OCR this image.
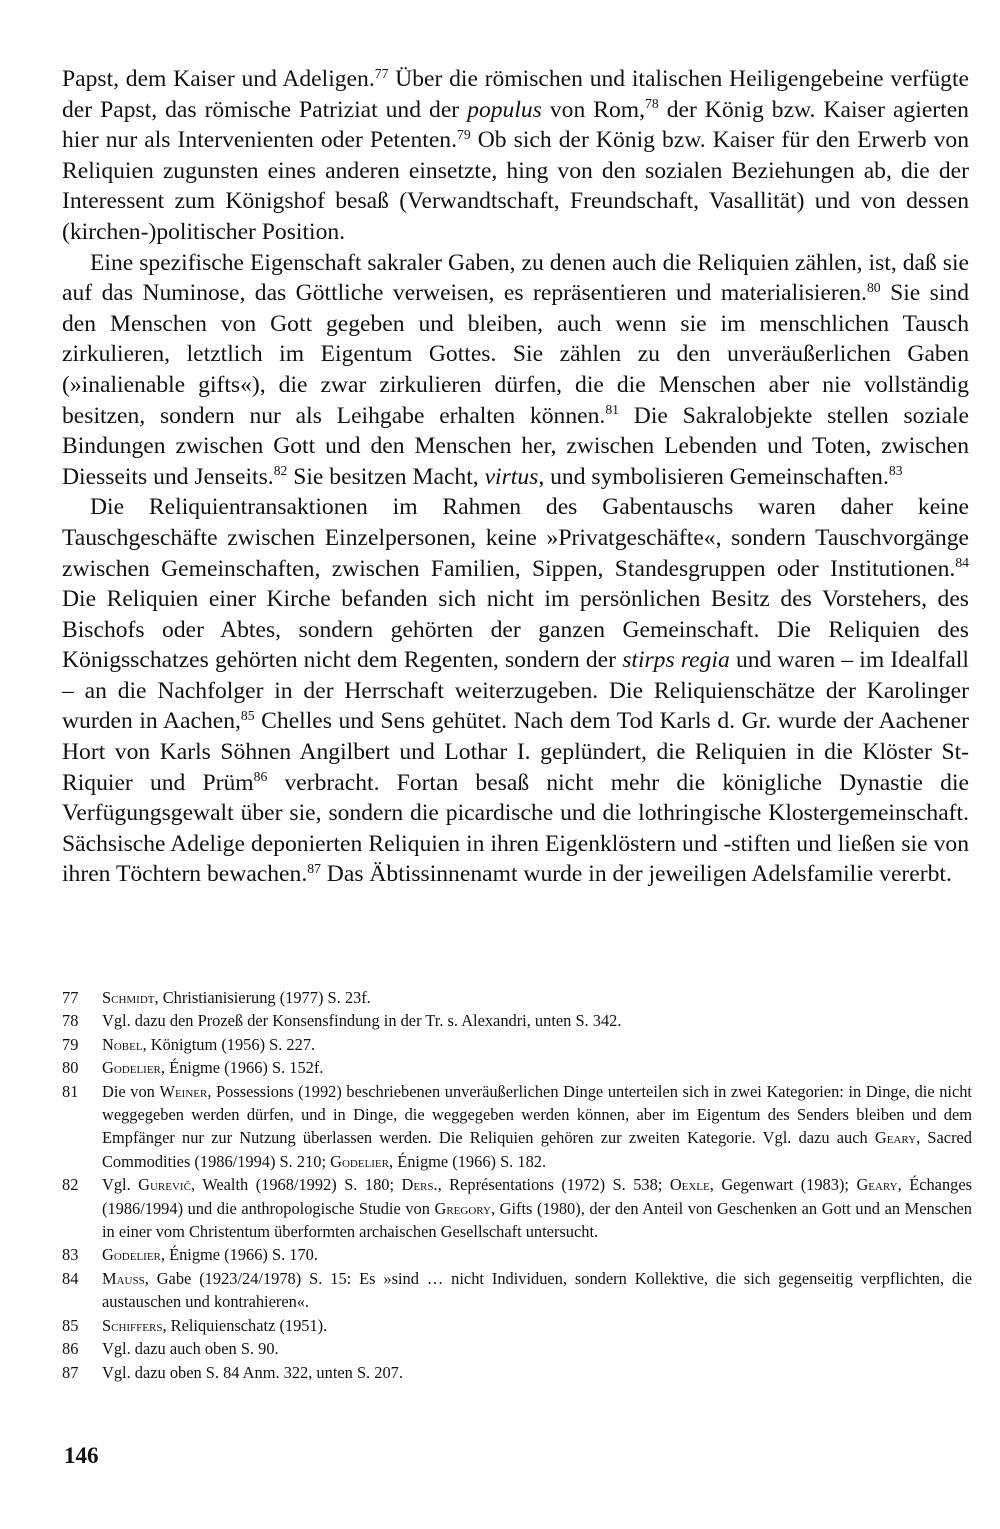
Papst, dem Kaiser und Adeligen.$^{77}$ Über die römischen und italischen Heiligengebeine verfügte der Papst, das römische Patriziat und der populus von Rom,$^{78}$ der König bzw. Kaiser agierten hier nur als Intervenienten oder Petenten.$^{79}$ Ob sich der König bzw. Kaiser für den Erwerb von Reliquien zugunsten eines anderen einsetzte, hing von den sozialen Beziehungen ab, die der Interessent zum Königshof besaß (Verwandtschaft, Freundschaft, Vasallität) und von dessen (kirchen-)politischer Position.

Eine spezifische Eigenschaft sakraler Gaben, zu denen auch die Reliquien zählen, ist, daß sie auf das Numinose, das Göttliche verweisen, es repräsentieren und materialisieren.$^{80}$ Sie sind den Menschen von Gott gegeben und bleiben, auch wenn sie im menschlichen Tausch zirkulieren, letztlich im Eigentum Gottes. Sie zählen zu den unveräußerlichen Gaben (»inalienable gifts«), die zwar zirkulieren dürfen, die die Menschen aber nie vollständig besitzen, sondern nur als Leihgabe erhalten können.$^{81}$ Die Sakralobjekte stellen soziale Bindungen zwischen Gott und den Menschen her, zwischen Lebenden und Toten, zwischen Diesseits und Jenseits.$^{82}$ Sie besitzen Macht, virtus, und symbolisieren Gemeinschaften.$^{83}$

Die Reliquientransaktionen im Rahmen des Gabentauschs waren daher keine Tauschgeschäfte zwischen Einzelpersonen, keine »Privatgeschäfte«, sondern Tauschvorgänge zwischen Gemeinschaften, zwischen Familien, Sippen, Standesgruppen oder Institutionen.$^{84}$ Die Reliquien einer Kirche befanden sich nicht im persönlichen Besitz des Vorstehers, des Bischofs oder Abtes, sondern gehörten der ganzen Gemeinschaft. Die Reliquien des Königsschatzes gehörten nicht dem Regenten, sondern der stirps regia und waren – im Idealfall – an die Nachfolger in der Herrschaft weiterzugeben. Die Reliquienschätze der Karolinger wurden in Aachen,$^{85}$ Chelles und Sens gehütet. Nach dem Tod Karls d. Gr. wurde der Aachener Hort von Karls Söhnen Angilbert und Lothar I. geplündert, die Reliquien in die Klöster St-Riquier und Prüm$^{86}$ verbracht. Fortan besaß nicht mehr die königliche Dynastie die Verfügungsgewalt über sie, sondern die picardische und die lothringische Klostergemeinschaft. Sächsische Adelige deponierten Reliquien in ihren Eigenklöstern und -stiften und ließen sie von ihren Töchtern bewachen.$^{87}$ Das Äbtissinnenamt wurde in der jeweiligen Adelsfamilie vererbt.

77	Schmidt, Christianisierung (1977) S. 23f.
78	Vgl. dazu den Prozeß der Konsensfindung in der Tr. s. Alexandri, unten S. 342.
79	Nobel, Königtum (1956) S. 227.
80	Godelier, Énigme (1966) S. 152f.
81	Die von Weiner, Possessions (1992) beschriebenen unveräußerlichen Dinge unterteilen sich in zwei Kategorien: in Dinge, die nicht weggegeben werden dürfen, und in Dinge, die weggegeben werden können, aber im Eigentum des Senders bleiben und dem Empfänger nur zur Nutzung überlassen werden. Die Reliquien gehören zur zweiten Kategorie. Vgl. dazu auch Geary, Sacred Commodities (1986/1994) S. 210; Godelier, Énigme (1966) S. 182.
82	Vgl. Gurevič, Wealth (1968/1992) S. 180; Ders., Représentations (1972) S. 538; Oexle, Gegenwart (1983); Geary, Échanges (1986/1994) und die anthropologische Studie von Gregory, Gifts (1980), der den Anteil von Geschenken an Gott und an Menschen in einer vom Christentum überformten archaischen Gesellschaft untersucht.
83	Godelier, Énigme (1966) S. 170.
84	Mauss, Gabe (1923/24/1978) S. 15: Es »sind … nicht Individuen, sondern Kollektive, die sich gegenseitig verpflichten, die austauschen und kontrahieren«.
85	Schiffers, Reliquienschatz (1951).
86	Vgl. dazu auch oben S. 90.
87	Vgl. dazu oben S. 84 Anm. 322, unten S. 207.
146
